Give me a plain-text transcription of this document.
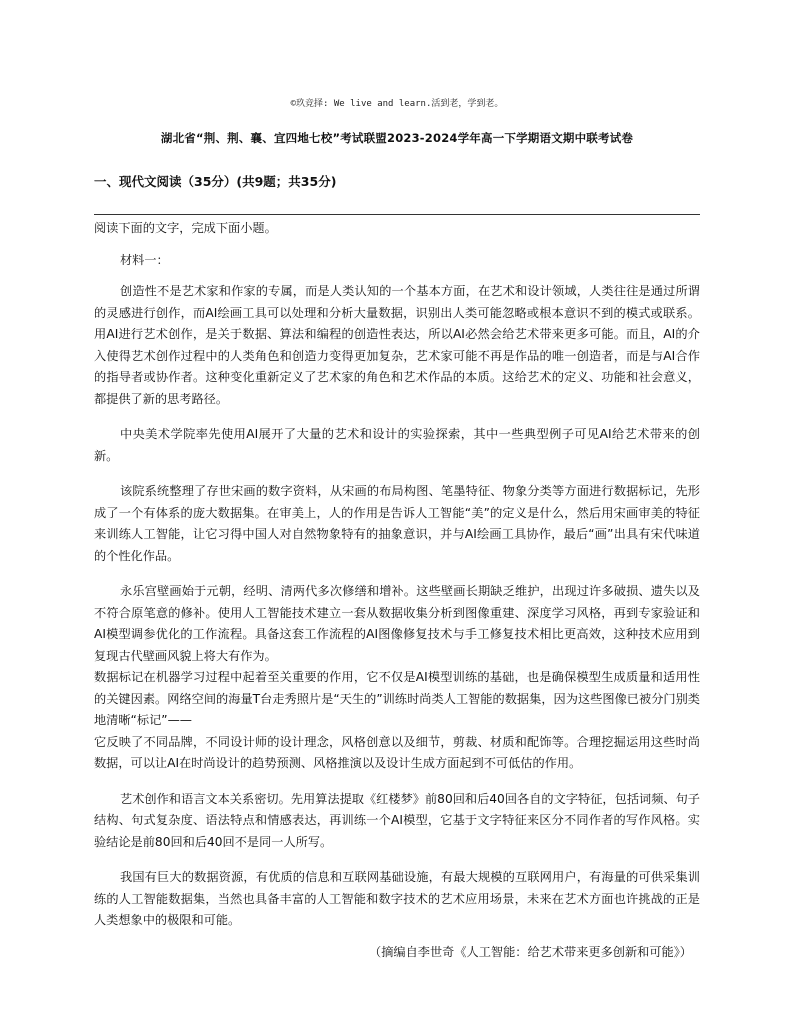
©玖竞择: We live and learn.活到老，学到老。
湖北省“荆、荆、襄、宜四地七校”考试联盟2023-2024学年高一下学期语文期中联考试卷
一、现代文阅读（35分）(共9题；共35分)

阅读下面的文字，完成下面小题。

材料一：

创造性不是艺术家和作家的专属，而是人类认知的一个基本方面，在艺术和设计领域，人类往往是通过所谓的灵感进行创作，而AI绘画工具可以处理和分析大量数据，识别出人类可能忽略或根本意识不到的模式或联系。用AI进行艺术创作，是关于数据、算法和编程的创造性表达，所以AI必然会给艺术带来更多可能。而且，AI的介入使得艺术创作过程中的人类角色和创造力变得更加复杂，艺术家可能不再是作品的唯一创造者，而是与AI合作的指导者或协作者。这种变化重新定义了艺术家的角色和艺术作品的本质。这给艺术的定义、功能和社会意义，都提供了新的思考路径。

中央美术学院率先使用AI展开了大量的艺术和设计的实验探索，其中一些典型例子可见AI给艺术带来的创新。

该院系统整理了存世宋画的数字资料，从宋画的布局构图、笔墨特征、物象分类等方面进行数据标记，先形成了一个有体系的庞大数据集。在审美上，人的作用是告诉人工智能“美”的定义是什么，然后用宋画审美的特征来训练人工智能，让它习得中国人对自然物象特有的抽象意识，并与AI绘画工具协作，最后“画”出具有宋代味道的个性化作品。

永乐宫壁画始于元朝，经明、清两代多次修缮和增补。这些壁画长期缺乏维护，出现过许多破损、遗失以及不符合原笔意的修补。使用人工智能技术建立一套从数据收集分析到图像重建、深度学习风格，再到专家验证和AI模型调参优化的工作流程。具备这套工作流程的AI图像修复技术与手工修复技术相比更高效，这种技术应用到复现古代壁画风貌上将大有作为。

数据标记在机器学习过程中起着至关重要的作用，它不仅是AI模型训练的基础，也是确保模型生成质量和适用性的关键因素。网络空间的海量T台走秀照片是“天生的”训练时尚类人工智能的数据集，因为这些图像已被分门别类地清晰“标记”——

它反映了不同品牌，不同设计师的设计理念，风格创意以及细节，剪裁、材质和配饰等。合理挖掘运用这些时尚数据，可以让AI在时尚设计的趋势预测、风格推演以及设计生成方面起到不可低估的作用。

艺术创作和语言文本关系密切。先用算法提取《红楼梦》前80回和后40回各自的文字特征，包括词频、句子结构、句式复杂度、语法特点和情感表达，再训练一个AI模型，它基于文字特征来区分不同作者的写作风格。实验结论是前80回和后40回不是同一人所写。

我国有巨大的数据资源，有优质的信息和互联网基础设施，有最大规模的互联网用户，有海量的可供采集训练的人工智能数据集，当然也具备丰富的人工智能和数字技术的艺术应用场景，未来在艺术方面也许挑战的正是人类想象中的极限和可能。

（摘编自李世奇《人工智能：给艺术带来更多创新和可能》）
